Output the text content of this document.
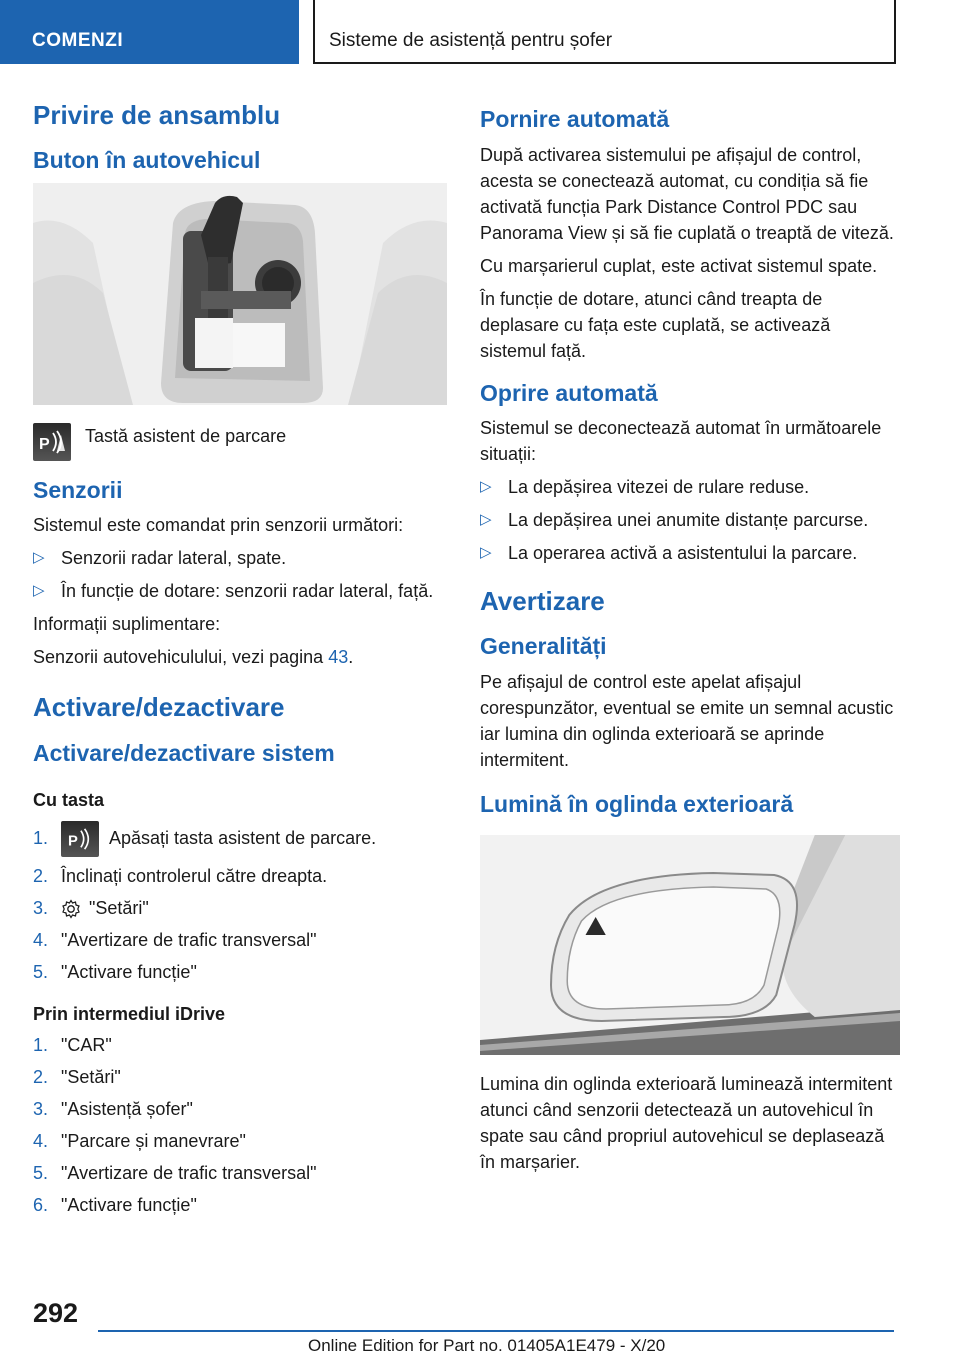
COMENZI	Sisteme de asistență pentru șofer
Privire de ansamblu
Buton în autovehicul
P Tastă asistent de parcare
Senzorii

Sistemul este comandat prin senzorii următori:

▷ Senzorii radar lateral, spate.
▷ În funcție de dotare: senzorii radar lateral, față.

Informații suplimentare:

Senzorii autovehiculului, vezi pagina 43.

Activare/dezactivare
Activare/dezactivare sistem
Cu tasta
1. P Apăsați tasta asistent de parcare.
2. Înclinați controlerul către dreapta.
3. "Setări"
4. "Avertizare de trafic transversal"
5. "Activare funcție"
Prin intermediul iDrive
1. "CAR"
2. "Setări"
3. "Asistență șofer"
4. "Parcare și manevrare"
5. "Avertizare de trafic transversal"
6. "Activare funcție"
Pornire automată

După activarea sistemului pe afișajul de control, acesta se conectează automat, cu condiția să fie activată funcția Park Distance Control PDC sau Panorama View și să fie cuplată o treaptă de viteză.

Cu marșarierul cuplat, este activat sistemul spate.

În funcție de dotare, atunci când treapta de deplasare cu fața este cuplată, se activează sistemul față.

Oprire automată

Sistemul se deconectează automat în următoarele situații:

▷ La depășirea vitezei de rulare reduse.
▷ La depășirea unei anumite distanțe parcurse.
▷ La operarea activă a asistentului la parcare.
Avertizare
Generalități

Pe afișajul de control este apelat afișajul corespunzător, eventual se emite un semnal acustic iar lumina din oglinda exterioară se aprinde intermitent.

Lumină în oglinda exterioară

Lumina din oglinda exterioară luminează intermitent atunci când senzorii detectează un autovehicul în spate sau când propriul autovehicul se deplasează în marșarier.

292
Online Edition for Part no. 01405A1E479 - X/20
